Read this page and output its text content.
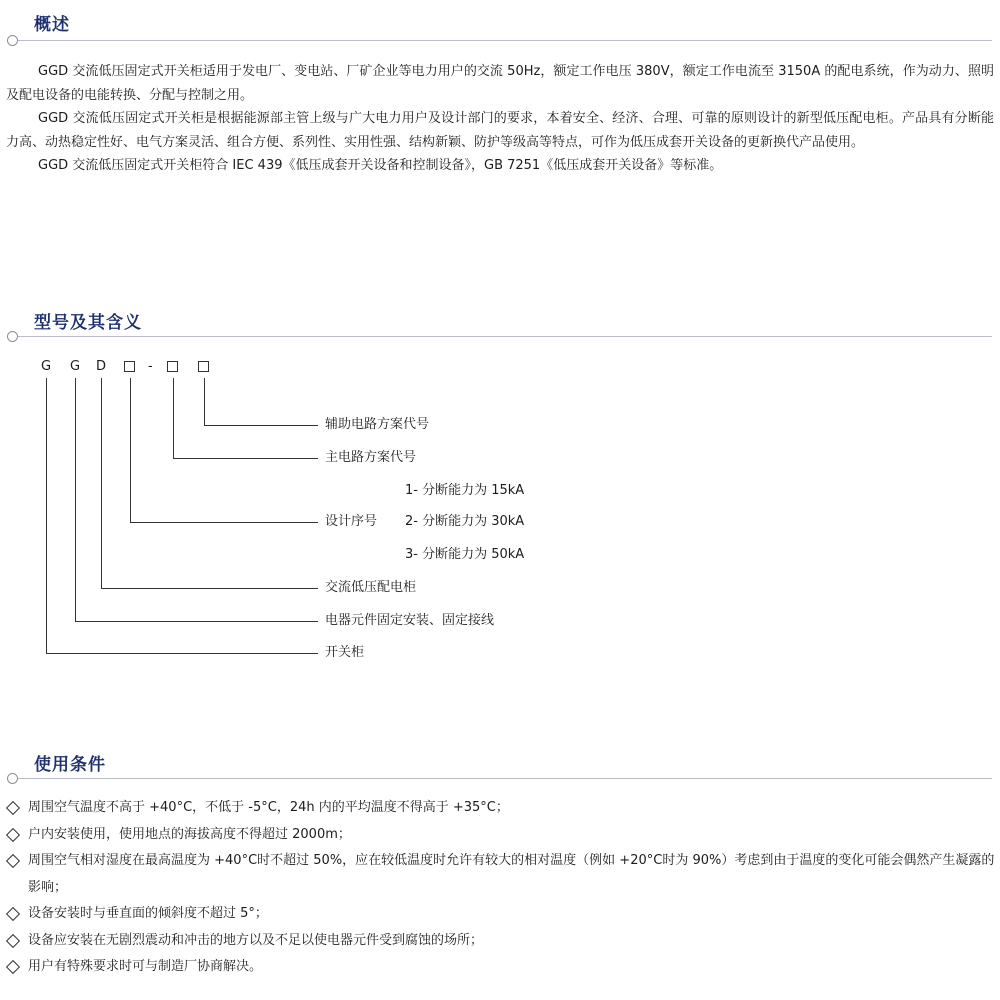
概述

GGD 交流低压固定式开关柜适用于发电厂、变电站、厂矿企业等电力用户的交流 50Hz，额定工作电压 380V，额定工作电流至 3150A 的配电系统，作为动力、照明及配电设备的电能转换、分配与控制之用。

GGD 交流低压固定式开关柜是根据能源部主管上级与广大电力用户及设计部门的要求，本着安全、经济、合理、可靠的原则设计的新型低压配电柜。产品具有分断能力高、动热稳定性好、电气方案灵活、组合方便、系列性、实用性强、结构新颖、防护等级高等特点，可作为低压成套开关设备的更新换代产品使用。

GGD 交流低压固定式开关柜符合 IEC 439《低压成套开关设备和控制设备》，GB 7251《低压成套开关设备》等标准。

型号及其含义
G G D	-
辅助电路方案代号
主电路方案代号
1- 分断能力为 15kA
设计序号 2- 分断能力为 30kA
3- 分断能力为 50kA
交流低压配电柜
电器元件固定安装、固定接线
开关柜
使用条件
周围空气温度不高于 +40°C，不低于 -5°C，24h 内的平均温度不得高于 +35°C；
户内安装使用，使用地点的海拔高度不得超过 2000m；
周围空气相对湿度在最高温度为 +40°C时不超过 50%，应在较低温度时允许有较大的相对温度（例如 +20°C时为 90%）考虑到由于温度的变化可能会偶然产生凝露的影响；
设备安装时与垂直面的倾斜度不超过 5°；
设备应安装在无剧烈震动和冲击的地方以及不足以使电器元件受到腐蚀的场所；
用户有特殊要求时可与制造厂协商解决。
